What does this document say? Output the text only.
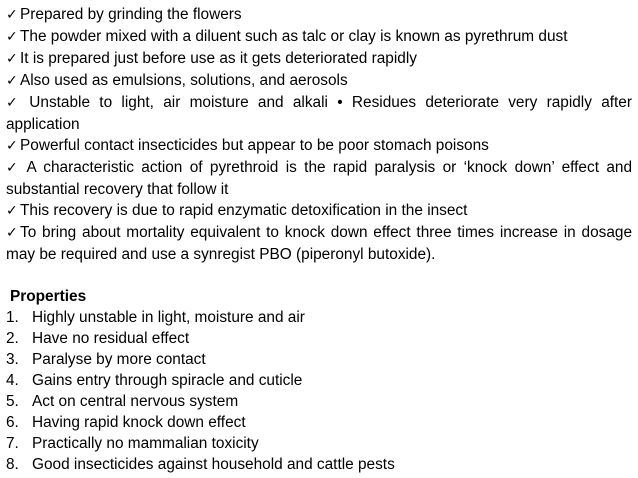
✓ Prepared by grinding the flowers

✓ The powder mixed with a diluent such as talc or clay is known as pyrethrum dust

✓ It is prepared just before use as it gets deteriorated rapidly

✓ Also used as emulsions, solutions, and aerosols

✓ Unstable to light, air moisture and alkali • Residues deteriorate very rapidly after application

✓ Powerful contact insecticides but appear to be poor stomach poisons

✓ A characteristic action of pyrethroid is the rapid paralysis or ‘knock down’ effect and substantial recovery that follow it

✓ This recovery is due to rapid enzymatic detoxification in the insect

✓ To bring about mortality equivalent to knock down effect three times increase in dosage may be required and use a synregist PBO (piperonyl butoxide).

Properties

1. Highly unstable in light, moisture and air

2. Have no residual effect

3. Paralyse by more contact

4. Gains entry through spiracle and cuticle

5. Act on central nervous system

6. Having rapid knock down effect

7. Practically no mammalian toxicity

8. Good insecticides against household and cattle pests
